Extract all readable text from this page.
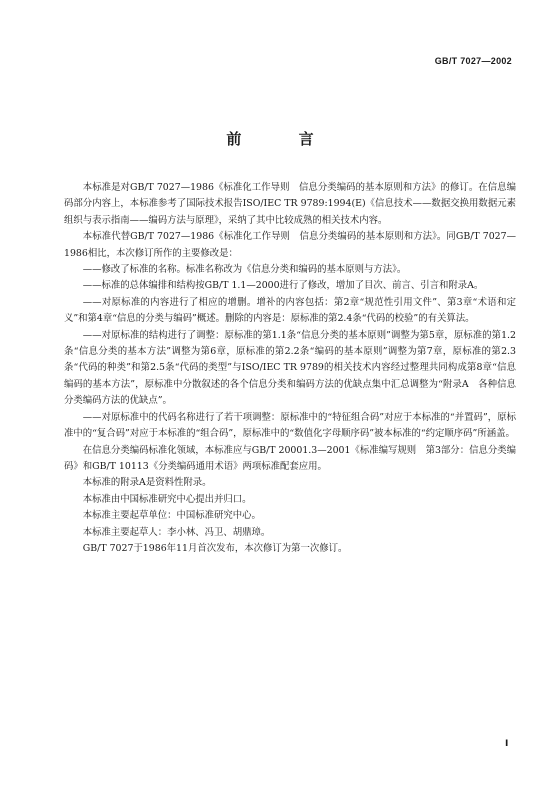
GB/T 7027—2002
前 言

本标准是对GB/T 7027—1986《标准化工作导则　信息分类编码的基本原则和方法》的修订。在信息编码部分内容上，本标准参考了国际技术报告ISO/IEC TR 9789:1994(E)《信息技术——数据交换用数据元素组织与表示指南——编码方法与原理》，采纳了其中比较成熟的相关技术内容。

本标准代替GB/T 7027—1986《标准化工作导则　信息分类编码的基本原则和方法》。同GB/T 7027—1986相比，本次修订所作的主要修改是：

——修改了标准的名称。标准名称改为《信息分类和编码的基本原则与方法》。

——标准的总体编排和结构按GB/T 1.1—2000进行了修改，增加了目次、前言、引言和附录A。

——对原标准的内容进行了相应的增删。增补的内容包括：第2章“规范性引用文件”、第3章“术语和定义”和第4章“信息的分类与编码”概述。删除的内容是：原标准的第2.4条“代码的校验”的有关算法。

——对原标准的结构进行了调整：原标准的第1.1条“信息分类的基本原则”调整为第5章，原标准的第1.2条“信息分类的基本方法”调整为第6章，原标准的第2.2条“编码的基本原则”调整为第7章，原标准的第2.3条“代码的种类”和第2.5条“代码的类型”与ISO/IEC TR 9789的相关技术内容经过整理共同构成第8章“信息编码的基本方法”，原标准中分散叙述的各个信息分类和编码方法的优缺点集中汇总调整为“附录A　各种信息分类编码方法的优缺点”。

——对原标准中的代码名称进行了若干项调整：原标准中的“特征组合码”对应于本标准的“并置码”，原标准中的“复合码”对应于本标准的“组合码”，原标准中的“数值化字母顺序码”被本标准的“约定顺序码”所涵盖。

在信息分类编码标准化领域，本标准应与GB/T 20001.3—2001《标准编写规则　第3部分：信息分类编码》和GB/T 10113《分类编码通用术语》两项标准配套应用。

本标准的附录A是资料性附录。

本标准由中国标准研究中心提出并归口。

本标准主要起草单位：中国标准研究中心。

本标准主要起草人：李小林、冯卫、胡鼎璋。

GB/T 7027于1986年11月首次发布，本次修订为第一次修订。

Ⅰ
